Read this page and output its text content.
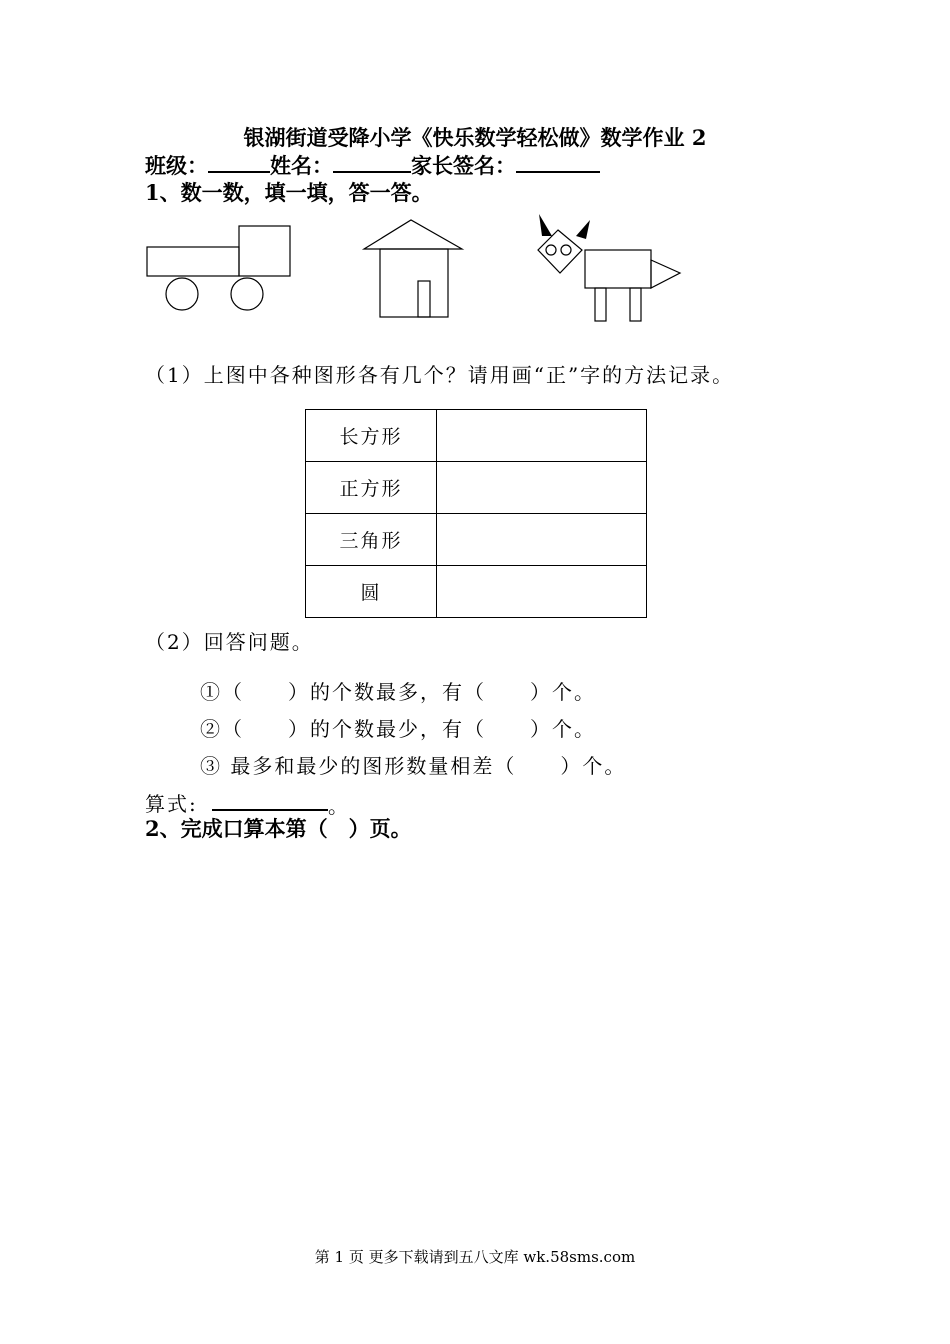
银湖街道受降小学《快乐数学轻松做》数学作业 2
班级：	姓名：	家长签名：
1、数一数，填一填，答一答。
（1）上图中各种图形各有几个？请用画“正”字的方法记录。
长方形	
正方形	
三角形	
圆	
（2）回答问题。
①（　　）的个数最多，有（　　）个。
②（　　）的个数最少，有（　　）个。
③ 最多和最少的图形数量相差（　　）个。
算式:	。
2、完成口算本第（　）页。
第 1 页 更多下载请到五八文库 wk.58sms.com
